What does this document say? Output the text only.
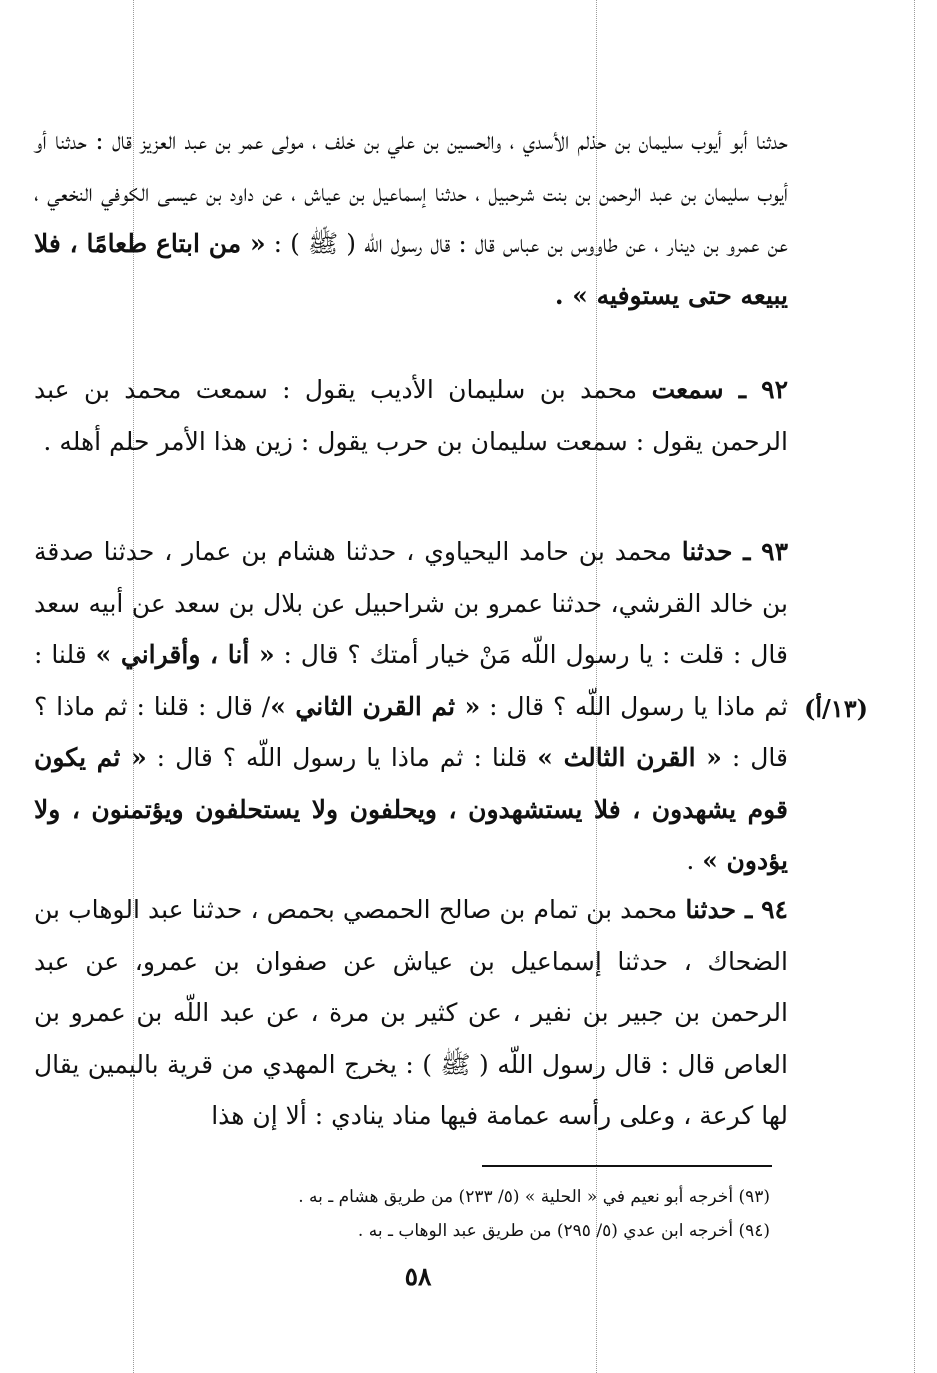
حدثنا أبو أيوب سليمان بن حذلم الأسدي ، والحسين بن علي بن خلف ، مولى عمر بن عبد العزيز قال : حدثنا أو أيوب سليمان بن عبد الرحمن بن بنت شرحبيل ، حدثنا إسماعيل بن عياش ، عن داود بن عيسى الكوفي النخعي ، عن عمرو بن دينار ، عن طاووس بن عباس قال : قال رسول اللّه ( ﷺ ) : « من ابتاع طعامًا ، فلا يبيعه حتى يستوفيه » .
٩٢ ـ سمعت محمد بن سليمان الأديب يقول : سمعت محمد بن عبد الرحمن يقول : سمعت سليمان بن حرب يقول : زين هذا الأمر حلم أهله .
٩٣ ـ حدثنا محمد بن حامد اليحياوي ، حدثنا هشام بن عمار ، حدثنا صدقة بن خالد القرشي، حدثنا عمرو بن شراحبيل عن بلال بن سعد عن أبيه سعد قال : قلت : يا رسول اللّه مَنْ خيار أمتك ؟ قال : « أنا ، وأقراني » قلنا : ثم ماذا يا رسول اللّه ؟ قال : « ثم القرن الثاني »/ قال : قلنا : ثم ماذا ؟ قال : « القرن الثالث » قلنا : ثم ماذا يا رسول اللّه ؟ قال : « ثم يكون قوم يشهدون ، فلا يستشهدون ، ويحلفون ولا يستحلفون ويؤتمنون ، ولا يؤدون » .
(١٣/أ)
٩٤ ـ حدثنا محمد بن تمام بن صالح الحمصي بحمص ، حدثنا عبد الوهاب بن الضحاك ، حدثنا إسماعيل بن عياش عن صفوان بن عمرو، عن عبد الرحمن بن جبير بن نفير ، عن كثير بن مرة ، عن عبد اللّه بن عمرو بن العاص قال : قال رسول اللّه ( ﷺ ) : يخرج المهدي من قرية باليمين يقال لها كرعة ، وعلى رأسه عمامة فيها مناد ينادي : ألا إن هذا
(٩٣) أخرجه أبو نعيم في « الحلية » (٥/ ٢٣٣) من طريق هشام ـ به .
(٩٤) أخرجه ابن عدي (٥/ ٢٩٥) من طريق عبد الوهاب ـ به .
٥٨
